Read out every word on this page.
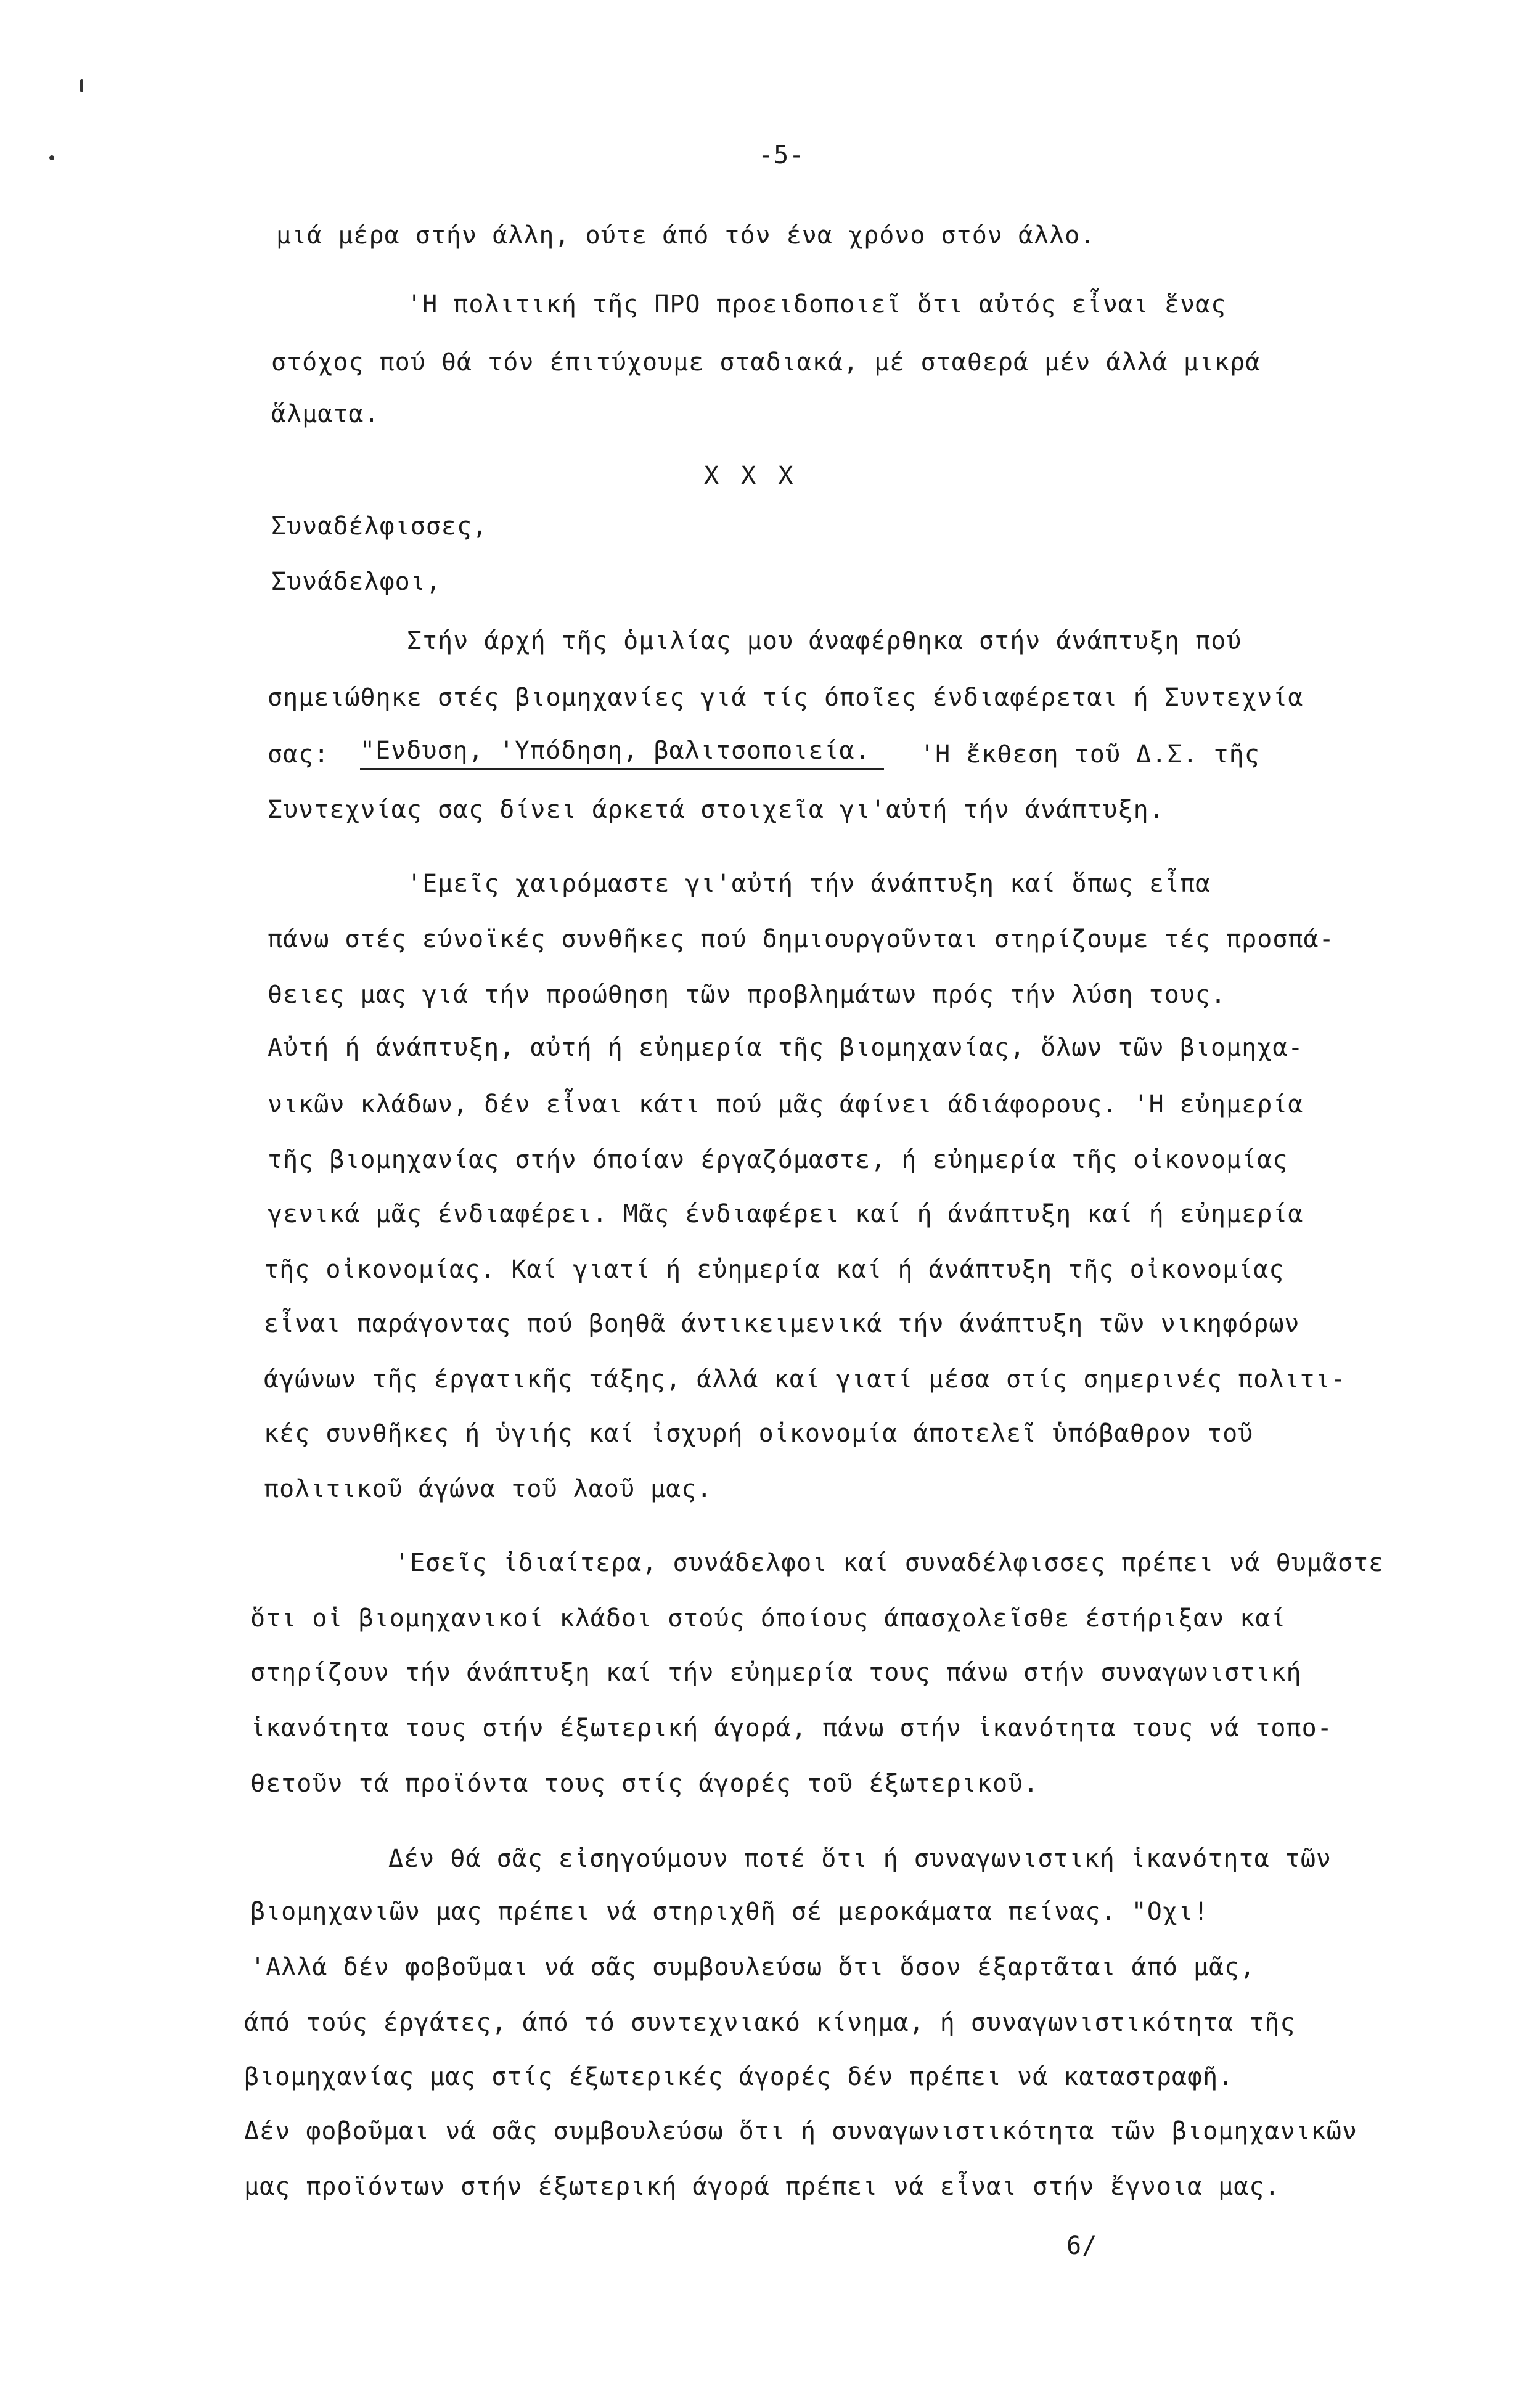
-5-
μιά μέρα στήν άλλη, ούτε άπό τόν ένα χρόνο στόν άλλο.
'Η πολιτική τῆς ΠΡΟ προειδοποιεῖ ὅτι αὐτός εἶναι ἕνας
στόχος πού θά τόν έπιτύχουμε σταδιακά, μέ σταθερά μέν άλλά μικρά
ἅλματα.
Χ Χ Χ
Συναδέλφισσες,
Συνάδελφοι,
Στήν άρχή τῆς ὁμιλίας μου άναφέρθηκα στήν άνάπτυξη πού
σημειώθηκε στές βιομηχανίες γιά τίς όποῖες ένδιαφέρεται ή Συντεχνία
σας: "Ενδυση, 'Υπόδηση, βαλιτσοποιεία. 'Η ἔκθεση τοῦ Δ.Σ. τῆς
Συντεχνίας σας δίνει άρκετά στοιχεῖα γι'αὐτή τήν άνάπτυξη.
'Εμεῖς χαιρόμαστε γι'αὐτή τήν άνάπτυξη καί ὅπως εἶπα
πάνω στές εύνοϊκές συνθῆκες πού δημιουργοῦνται στηρίζουμε τές προσπά-
θειες μας γιά τήν προώθηση τῶν προβλημάτων πρός τήν λύση τους.
Αὐτή ή άνάπτυξη, αὐτή ή εὐημερία τῆς βιομηχανίας, ὅλων τῶν βιομηχα-
νικῶν κλάδων, δέν εἶναι κάτι πού μᾶς άφίνει άδιάφορους. 'Η εὐημερία
τῆς βιομηχανίας στήν όποίαν έργαζόμαστε, ή εὐημερία τῆς οἰκονομίας
γενικά μᾶς ένδιαφέρει. Μᾶς ένδιαφέρει καί ή άνάπτυξη καί ή εὐημερία
τῆς οἰκονομίας. Καί γιατί ή εὐημερία καί ή άνάπτυξη τῆς οἰκονομίας
εἶναι παράγοντας πού βοηθᾶ άντικειμενικά τήν άνάπτυξη τῶν νικηφόρων
άγώνων τῆς έργατικῆς τάξης, άλλά καί γιατί μέσα στίς σημερινές πολιτι-
κές συνθῆκες ή ὑγιής καί ἰσχυρή οἰκονομία άποτελεῖ ὑπόβαθρον τοῦ
πολιτικοῦ άγώνα τοῦ λαοῦ μας.
'Εσεῖς ἰδιαίτερα, συνάδελφοι καί συναδέλφισσες πρέπει νά θυμᾶστε
ὅτι οἱ βιομηχανικοί κλάδοι στούς όποίους άπασχολεῖσθε έστήριξαν καί
στηρίζουν τήν άνάπτυξη καί τήν εὐημερία τους πάνω στήν συναγωνιστική
ἱκανότητα τους στήν έξωτερική άγορά, πάνω στήν ἱκανότητα τους νά τοπο-
θετοῦν τά προϊόντα τους στίς άγορές τοῦ έξωτερικοῦ.
Δέν θά σᾶς εἰσηγούμουν ποτέ ὅτι ή συναγωνιστική ἱκανότητα τῶν
βιομηχανιῶν μας πρέπει νά στηριχθῆ σέ μεροκάματα πείνας. "Οχι!
'Αλλά δέν φοβοῦμαι νά σᾶς συμβουλεύσω ὅτι ὅσον έξαρτᾶται άπό μᾶς,
άπό τούς έργάτες, άπό τό συντεχνιακό κίνημα, ή συναγωνιστικότητα τῆς
βιομηχανίας μας στίς έξωτερικές άγορές δέν πρέπει νά καταστραφῆ.
Δέν φοβοῦμαι νά σᾶς συμβουλεύσω ὅτι ή συναγωνιστικότητα τῶν βιομηχανικῶν
μας προϊόντων στήν έξωτερική άγορά πρέπει νά εἶναι στήν ἔγνοια μας.
6/
